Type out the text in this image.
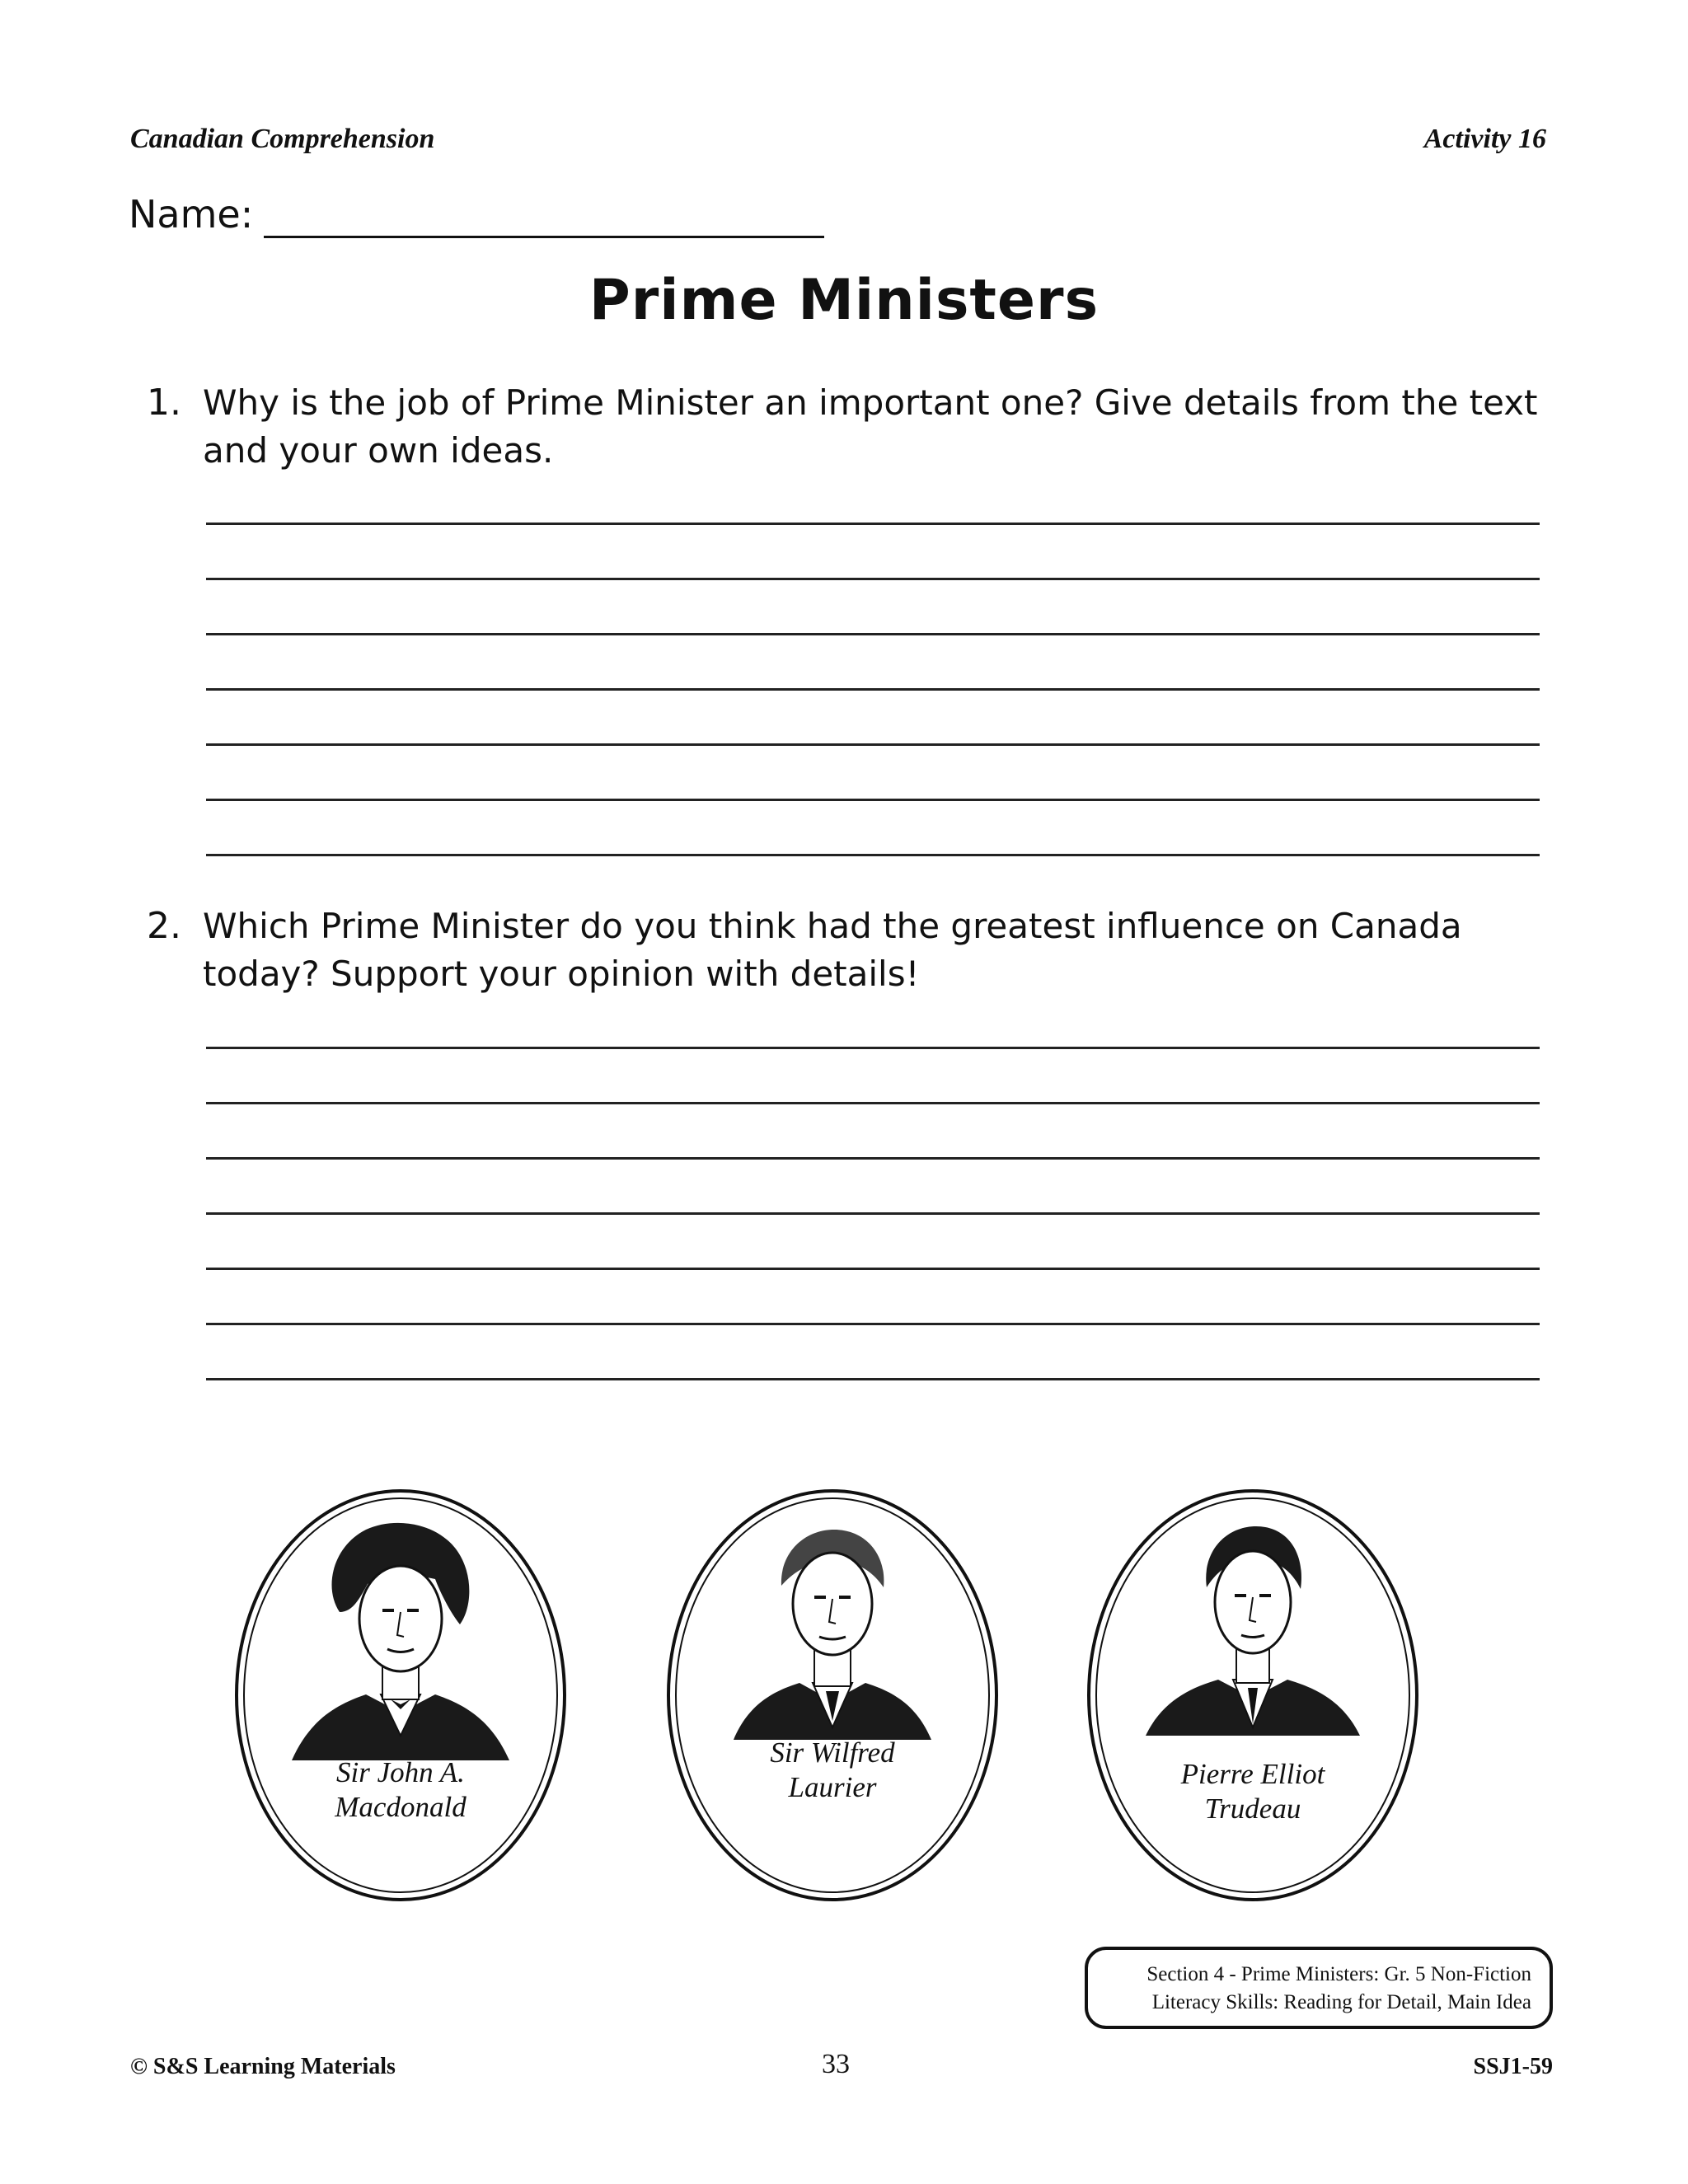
Canadian Comprehension	Activity 16
Name:
Prime Ministers
1. Why is the job of Prime Minister an important one? Give details from the text
and your own ideas.
2. Which Prime Minister do you think had the greatest influence on Canada
today? Support your opinion with details!
Sir John A.
Macdonald
Sir Wilfred
Laurier	Pierre Elliot
Trudeau
Section 4 - Prime Ministers: Gr. 5 Non-Fiction
Literacy Skills: Reading for Detail, Main Idea
© S&S Learning Materials	33	SSJ1-59
